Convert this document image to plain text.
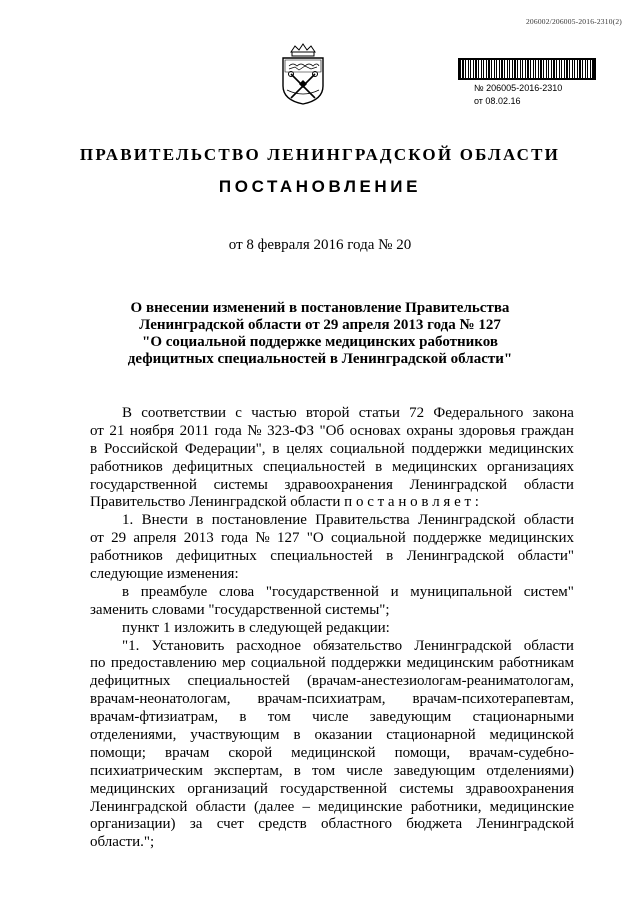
206002/206005-2016-2310(2)
№ 206005-2016-2310
от 08.02.16
ПРАВИТЕЛЬСТВО ЛЕНИНГРАДСКОЙ ОБЛАСТИ
ПОСТАНОВЛЕНИЕ
от 8 февраля 2016 года № 20
О внесении изменений в постановление Правительства
Ленинградской области от 29 апреля 2013 года № 127
"О социальной поддержке медицинских работников
дефицитных специальностей в Ленинградской области"
В соответствии с частью второй статьи 72 Федерального закона
от 21 ноября 2011 года № 323-ФЗ "Об основах охраны здоровья граждан
в Российской Федерации", в целях социальной поддержки медицинских
работников дефицитных специальностей в медицинских организациях
государственной системы здравоохранения Ленинградской области
Правительство Ленинградской области п о с т а н о в л я е т :
1. Внести в постановление Правительства Ленинградской области
от 29 апреля 2013 года № 127 "О социальной поддержке медицинских
работников дефицитных специальностей в Ленинградской области"
следующие изменения:
в преамбуле слова "государственной и муниципальной систем"
заменить словами "государственной системы";
пункт 1 изложить в следующей редакции:
"1. Установить расходное обязательство Ленинградской области
по предоставлению мер социальной поддержки медицинским работникам
дефицитных специальностей (врачам-анестезиологам-реаниматологам,
врачам-неонатологам, врачам-психиатрам, врачам-психотерапевтам,
врачам-фтизиатрам, в том числе заведующим стационарными
отделениями, участвующим в оказании стационарной медицинской
помощи; врачам скорой медицинской помощи, врачам-судебно-
психиатрическим экспертам, в том числе заведующим отделениями)
медицинских организаций государственной системы здравоохранения
Ленинградской области (далее – медицинские работники, медицинские
организации) за счет средств областного бюджета Ленинградской
области.";
